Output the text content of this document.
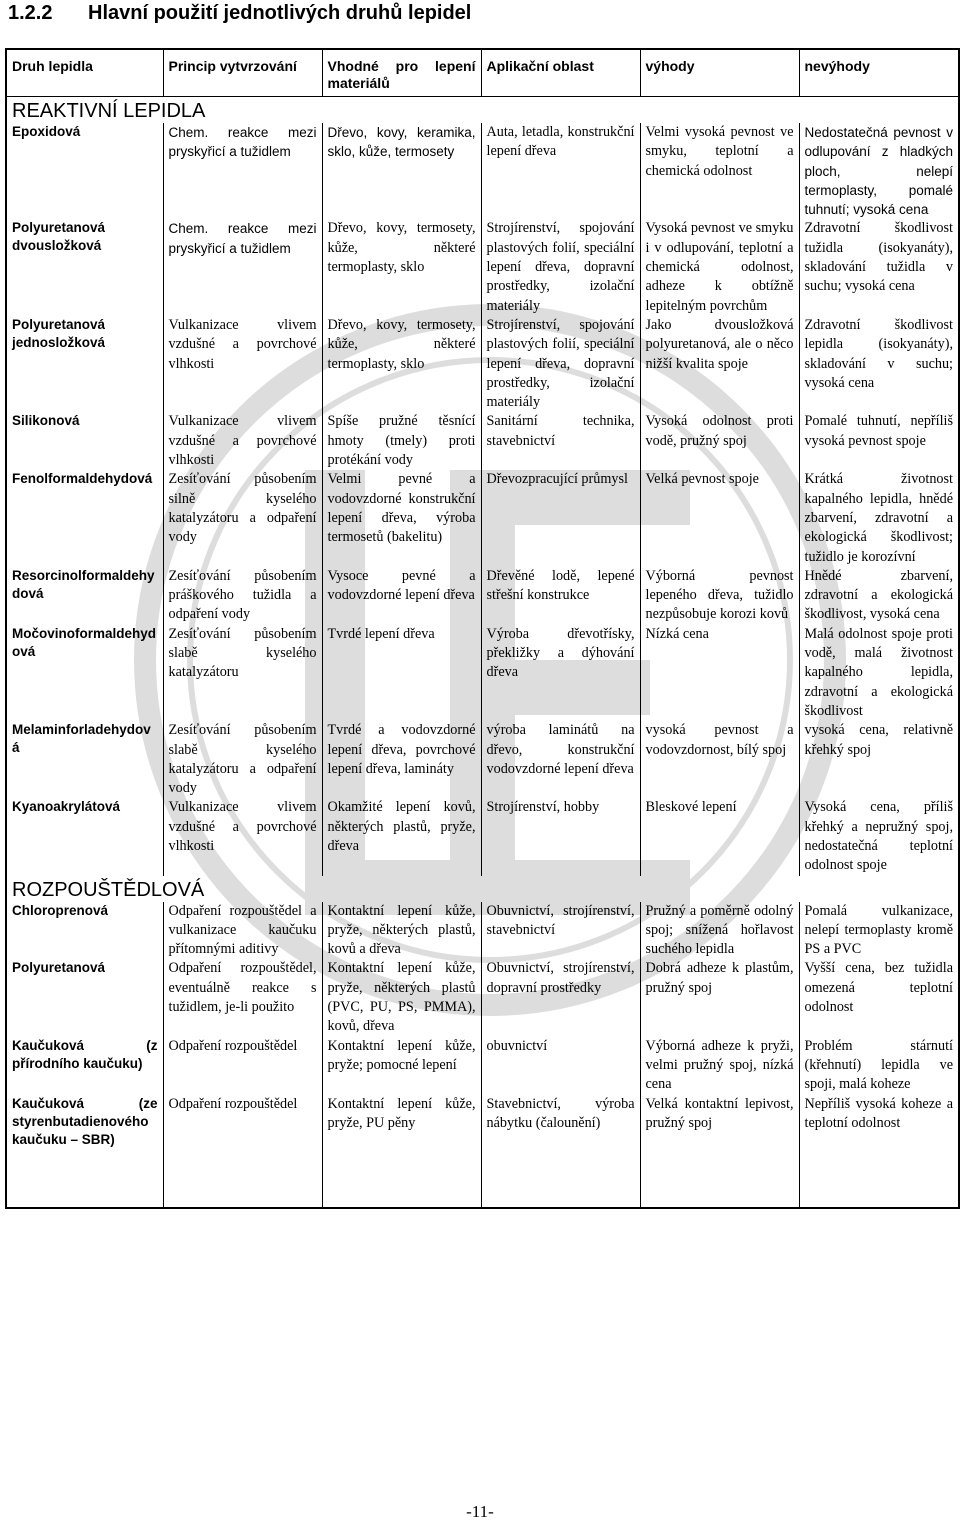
1.2.2 Hlavní použití jednotlivých druhů lepidel
Druh lepidla	Princip vytvrzování	Vhodné pro lepení materiálů	Aplikační oblast	výhody	nevýhody
REAKTIVNÍ LEPIDLA					
Epoxidová	Chem. reakce mezi pryskyřicí a tužidlem	Dřevo, kovy, keramika, sklo, kůže, termosety	Auta, letadla, konstrukční lepení dřeva	Velmi vysoká pevnost ve smyku, teplotní a chemická odolnost	Nedostatečná pevnost v odlupování z hladkých ploch, nelepí termoplasty, pomalé tuhnutí; vysoká cena
Polyuretanová dvousložková	Chem. reakce mezi pryskyřicí a tužidlem	Dřevo, kovy, termosety, kůže, některé termoplasty, sklo	Strojírenství, spojování plastových folií, speciální lepení dřeva, dopravní prostředky, izolační materiály	Vysoká pevnost ve smyku i v odlupování, teplotní a chemická odolnost, adheze k obtížně lepitelným povrchům	Zdravotní škodlivost tužidla (isokyanáty), skladování tužidla v suchu; vysoká cena
Polyuretanová jednosložková	Vulkanizace vlivem vzdušné a povrchové vlhkosti	Dřevo, kovy, termosety, kůže, některé termoplasty, sklo	Strojírenství, spojování plastových folií, speciální lepení dřeva, dopravní prostředky, izolační materiály	Jako dvousložková polyuretanová, ale o něco nižší kvalita spoje	Zdravotní škodlivost lepidla (isokyanáty), skladování v suchu; vysoká cena
Silikonová	Vulkanizace vlivem vzdušné a povrchové vlhkosti	Spíše pružné těsnící hmoty (tmely) proti protékání vody	Sanitární technika, stavebnictví	Vysoká odolnost proti vodě, pružný spoj	Pomalé tuhnutí, nepříliš vysoká pevnost spoje
Fenolformaldehydová	Zesíťování působením silně kyselého katalyzátoru a odpaření vody	Velmi pevné a vodovzdorné konstrukční lepení dřeva, výroba termosetů (bakelitu)	Dřevozpracující průmysl	Velká pevnost spoje	Krátká životnost kapalného lepidla, hnědé zbarvení, zdravotní a ekologická škodlivost; tužidlo je korozívní
Resorcinolformaldehydová	Zesíťování působením práškového tužidla a odpaření vody	Vysoce pevné a vodovzdorné lepení dřeva	Dřevěné lodě, lepené střešní konstrukce	Výborná pevnost lepeného dřeva, tužidlo nezpůsobuje korozi kovů	Hnědé zbarvení, zdravotní a ekologická škodlivost, vysoká cena
Močovinoformaldehydová	Zesíťování působením slabě kyselého katalyzátoru	Tvrdé lepení dřeva	Výroba dřevotřísky, překližky a dýhování dřeva	Nízká cena	Malá odolnost spoje proti vodě, malá životnost kapalného lepidla, zdravotní a ekologická škodlivost
Melaminforladehydová	Zesíťování působením slabě kyselého katalyzátoru a odpaření vody	Tvrdé a vodovzdorné lepení dřeva, povrchové lepení dřeva, lamináty	výroba laminátů na dřevo, konstrukční vodovzdorné lepení dřeva	vysoká pevnost a vodovzdornost, bílý spoj	vysoká cena, relativně křehký spoj
Kyanoakrylátová	Vulkanizace vlivem vzdušné a povrchové vlhkosti	Okamžité lepení kovů, některých plastů, pryže, dřeva	Strojírenství, hobby	Bleskové lepení	Vysoká cena, příliš křehký a nepružný spoj, nedostatečná teplotní odolnost spoje
ROZPOUŠTĚDLOVÁ					
Chloroprenová	Odpaření rozpouštědel a vulkanizace kaučuku přítomnými aditivy	Kontaktní lepení kůže, pryže, některých plastů, kovů a dřeva	Obuvnictví, strojírenství, stavebnictví	Pružný a poměrně odolný spoj; snížená hořlavost suchého lepidla	Pomalá vulkanizace, nelepí termoplasty kromě PS a PVC
Polyuretanová	Odpaření rozpouštědel, eventuálně reakce s tužidlem, je-li použito	Kontaktní lepení kůže, pryže, některých plastů (PVC, PU, PS, PMMA), kovů, dřeva	Obuvnictví, strojírenství, dopravní prostředky	Dobrá adheze k plastům, pružný spoj	Vyšší cena, bez tužidla omezená teplotní odolnost
Kaučuková (z přírodního kaučuku)	Odpaření rozpouštědel	Kontaktní lepení kůže, pryže; pomocné lepení	obuvnictví	Výborná adheze k pryži, velmi pružný spoj, nízká cena	Problém stárnutí (křehnutí) lepidla ve spoji, malá koheze
Kaučuková (ze styrenbutadienového kaučuku – SBR)	Odpaření rozpouštědel	Kontaktní lepení kůže, pryže, PU pěny	Stavebnictví, výroba nábytku (čalounění)	Velká kontaktní lepivost, pružný spoj	Nepříliš vysoká koheze a teplotní odolnost

-11-
